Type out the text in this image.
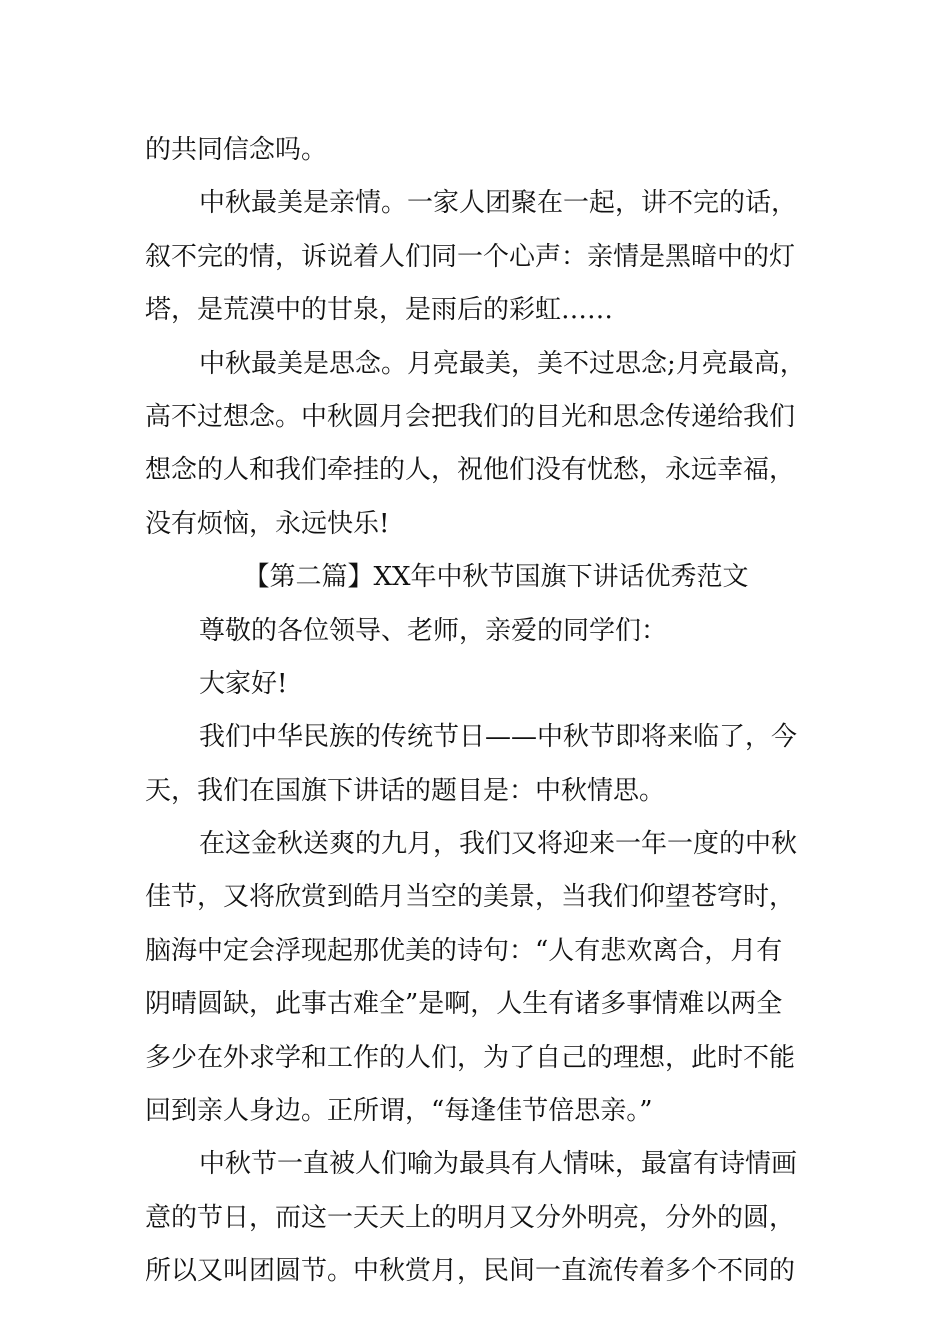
的共同信念吗。
中秋最美是亲情。一家人团聚在一起，讲不完的话，
叙不完的情，诉说着人们同一个心声：亲情是黑暗中的灯
塔，是荒漠中的甘泉，是雨后的彩虹……
中秋最美是思念。月亮最美，美不过思念;月亮最高，
高不过想念。中秋圆月会把我们的目光和思念传递给我们
想念的人和我们牵挂的人，祝他们没有忧愁，永远幸福，
没有烦恼，永远快乐!
【第二篇】XX年中秋节国旗下讲话优秀范文
尊敬的各位领导、老师，亲爱的同学们：
大家好!
我们中华民族的传统节日——中秋节即将来临了，今
天，我们在国旗下讲话的题目是：中秋情思。
在这金秋送爽的九月，我们又将迎来一年一度的中秋
佳节，又将欣赏到皓月当空的美景，当我们仰望苍穹时，
脑海中定会浮现起那优美的诗句：“人有悲欢离合，月有
阴晴圆缺，此事古难全”是啊，人生有诸多事情难以两全
多少在外求学和工作的人们，为了自己的理想，此时不能
回到亲人身边。正所谓，“每逢佳节倍思亲。”
中秋节一直被人们喻为最具有人情味，最富有诗情画
意的节日，而这一天天上的明月又分外明亮，分外的圆，
所以又叫团圆节。中秋赏月，民间一直流传着多个不同的
